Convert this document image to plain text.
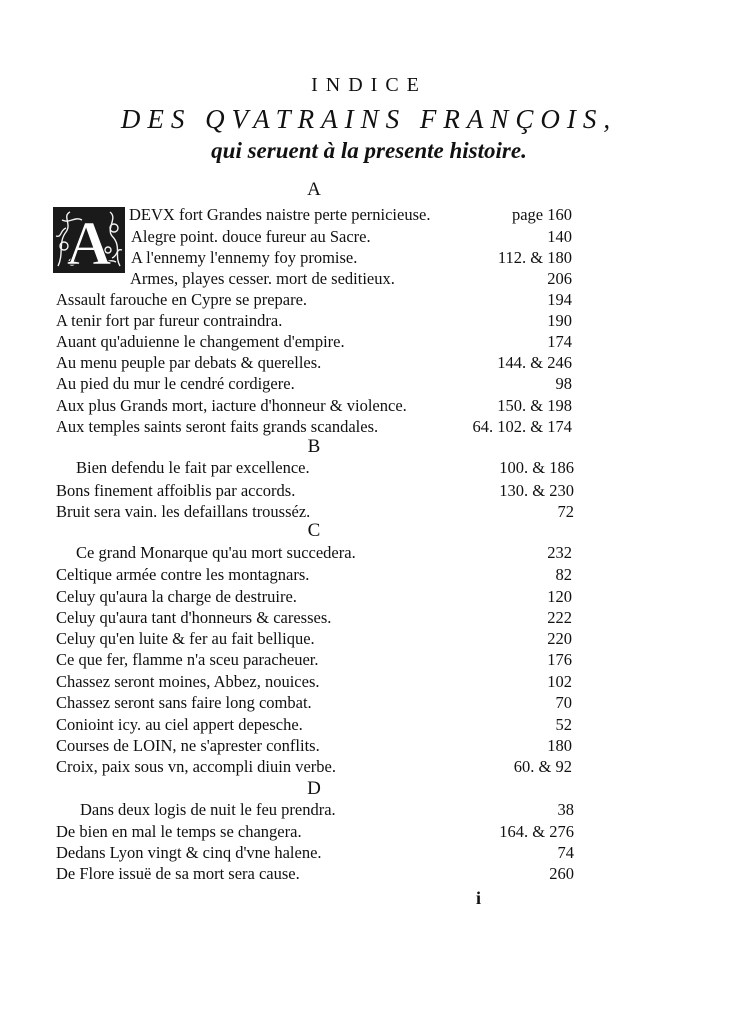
INDICE
DES QVATRAINS FRANÇOIS,
qui seruent à la presente histoire.
A
A
DEVX fort Grandes naistre perte pernicieuse.	page 160
Alegre point. douce fureur au Sacre.	140
A l'ennemy l'ennemy foy promise.	112. & 180
Armes, playes cesser. mort de seditieux.	206
Assault farouche en Cypre se prepare.	194
A tenir fort par fureur contraindra.	190
Auant qu'aduienne le changement d'empire.	174
Au menu peuple par debats & querelles.	144. & 246
Au pied du mur le cendré cordigere.	98
Aux plus Grands mort, iacture d'honneur & violence.	150. & 198
Aux temples saints seront faits grands scandales.	64. 102. & 174
B
Bien defendu le fait par excellence.	100. & 186
Bons finement affoiblis par accords.	130. & 230
Bruit sera vain. les defaillans trousséz.	72
C
Ce grand Monarque qu'au mort succedera.	232
Celtique armée contre les montagnars.	82
Celuy qu'aura la charge de destruire.	120
Celuy qu'aura tant d'honneurs & caresses.	222
Celuy qu'en luite & fer au fait bellique.	220
Ce que fer, flamme n'a sceu paracheuer.	176
Chassez seront moines, Abbez, nouices.	102
Chassez seront sans faire long combat.	70
Conioint icy. au ciel appert depesche.	52
Courses de LOIN, ne s'aprester conflits.	180
Croix, paix sous vn, accompli diuin verbe.	60. & 92
D
Dans deux logis de nuit le feu prendra.	38
De bien en mal le temps se changera.	164. & 276
Dedans Lyon vingt & cinq d'vne halene.	74
De Flore issuë de sa mort sera cause.	260
i
